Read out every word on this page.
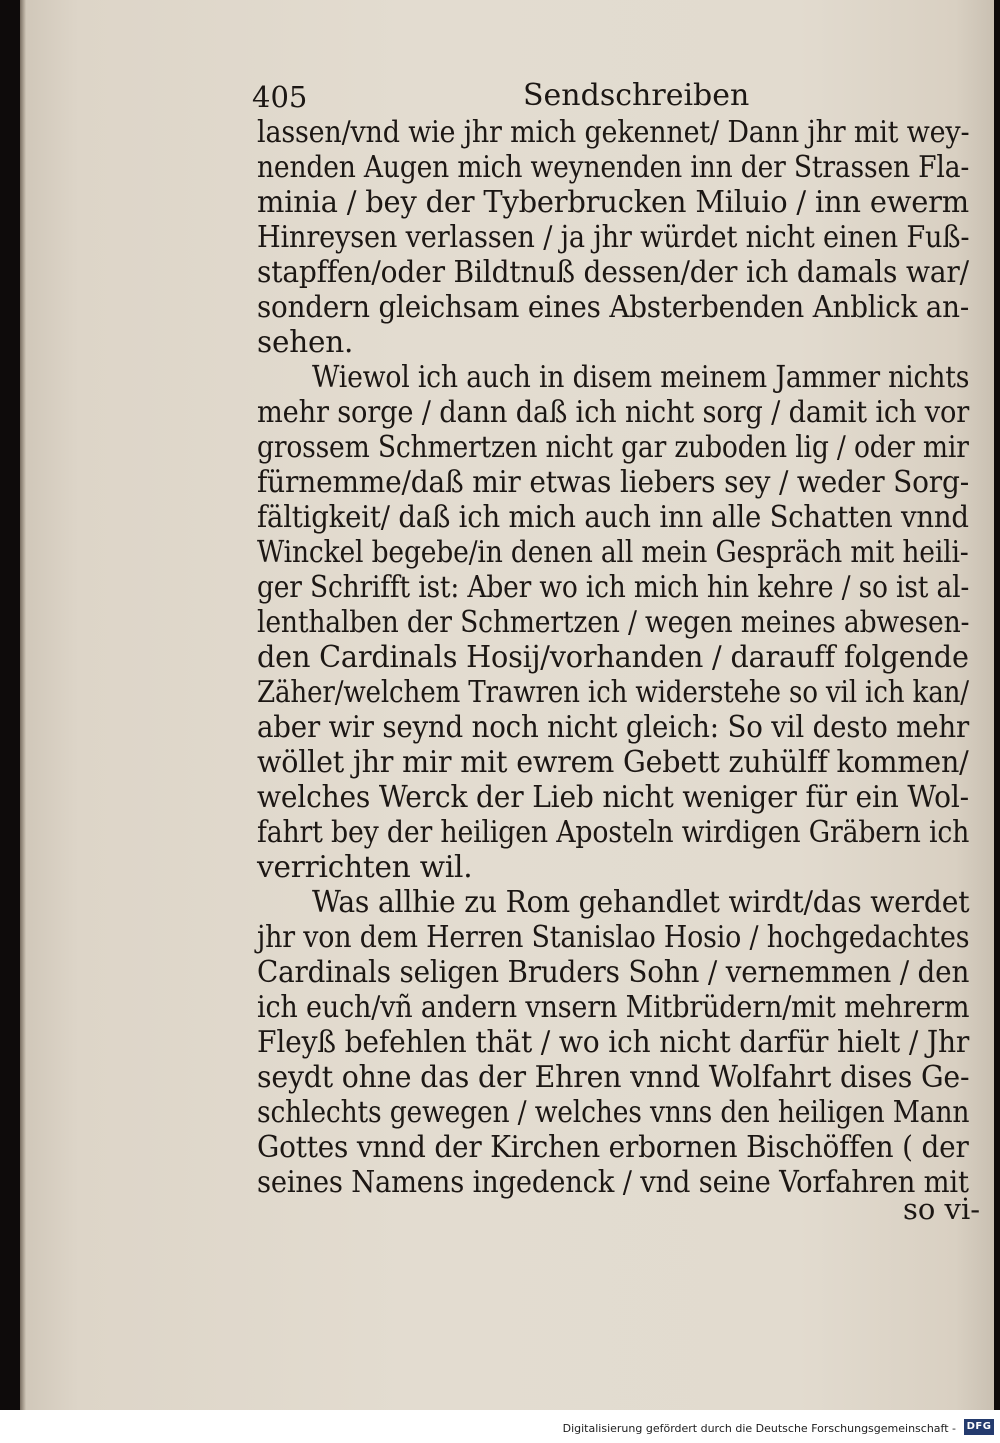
405	Sendschreiben
lassen/vnd wie jhr mich gekennet/ Dann jhr mit wey-
nenden Augen mich weynenden inn der Strassen Fla-
minia / bey der Tyberbrucken Miluio / inn ewerm
Hinreysen verlassen / ja jhr würdet nicht einen Fuß-
stapffen/oder Bildtnuß dessen/der ich damals war/
sondern gleichsam eines Absterbenden Anblick an-
sehen.
Wiewol ich auch in disem meinem Jammer nichts
mehr sorge / dann daß ich nicht sorg / damit ich vor
grossem Schmertzen nicht gar zuboden lig / oder mir
fürnemme/daß mir etwas liebers sey / weder Sorg-
fältigkeit/ daß ich mich auch inn alle Schatten vnnd
Winckel begebe/in denen all mein Gespräch mit heili-
ger Schrifft ist: Aber wo ich mich hin kehre / so ist al-
lenthalben der Schmertzen / wegen meines abwesen-
den Cardinals Hosij/vorhanden / darauff folgende
Zäher/welchem Trawren ich widerstehe so vil ich kan/
aber wir seynd noch nicht gleich: So vil desto mehr
wöllet jhr mir mit ewrem Gebett zuhülff kommen/
welches Werck der Lieb nicht weniger für ein Wol-
fahrt bey der heiligen Aposteln wirdigen Gräbern ich
verrichten wil.
Was allhie zu Rom gehandlet wirdt/das werdet
jhr von dem Herren Stanislao Hosio / hochgedachtes
Cardinals seligen Bruders Sohn / vernemmen / den
ich euch/vñ andern vnsern Mitbrüdern/mit mehrerm
Fleyß befehlen thät / wo ich nicht darfür hielt / Jhr
seydt ohne das der Ehren vnnd Wolfahrt dises Ge-
schlechts gewegen / welches vnns den heiligen Mann
Gottes vnnd der Kirchen erbornen Bischöffen ( der
seines Namens ingedenck / vnd seine Vorfahren mit
so vi-
Digitalisierung gefördert durch die Deutsche Forschungsgemeinschaft - DFG
